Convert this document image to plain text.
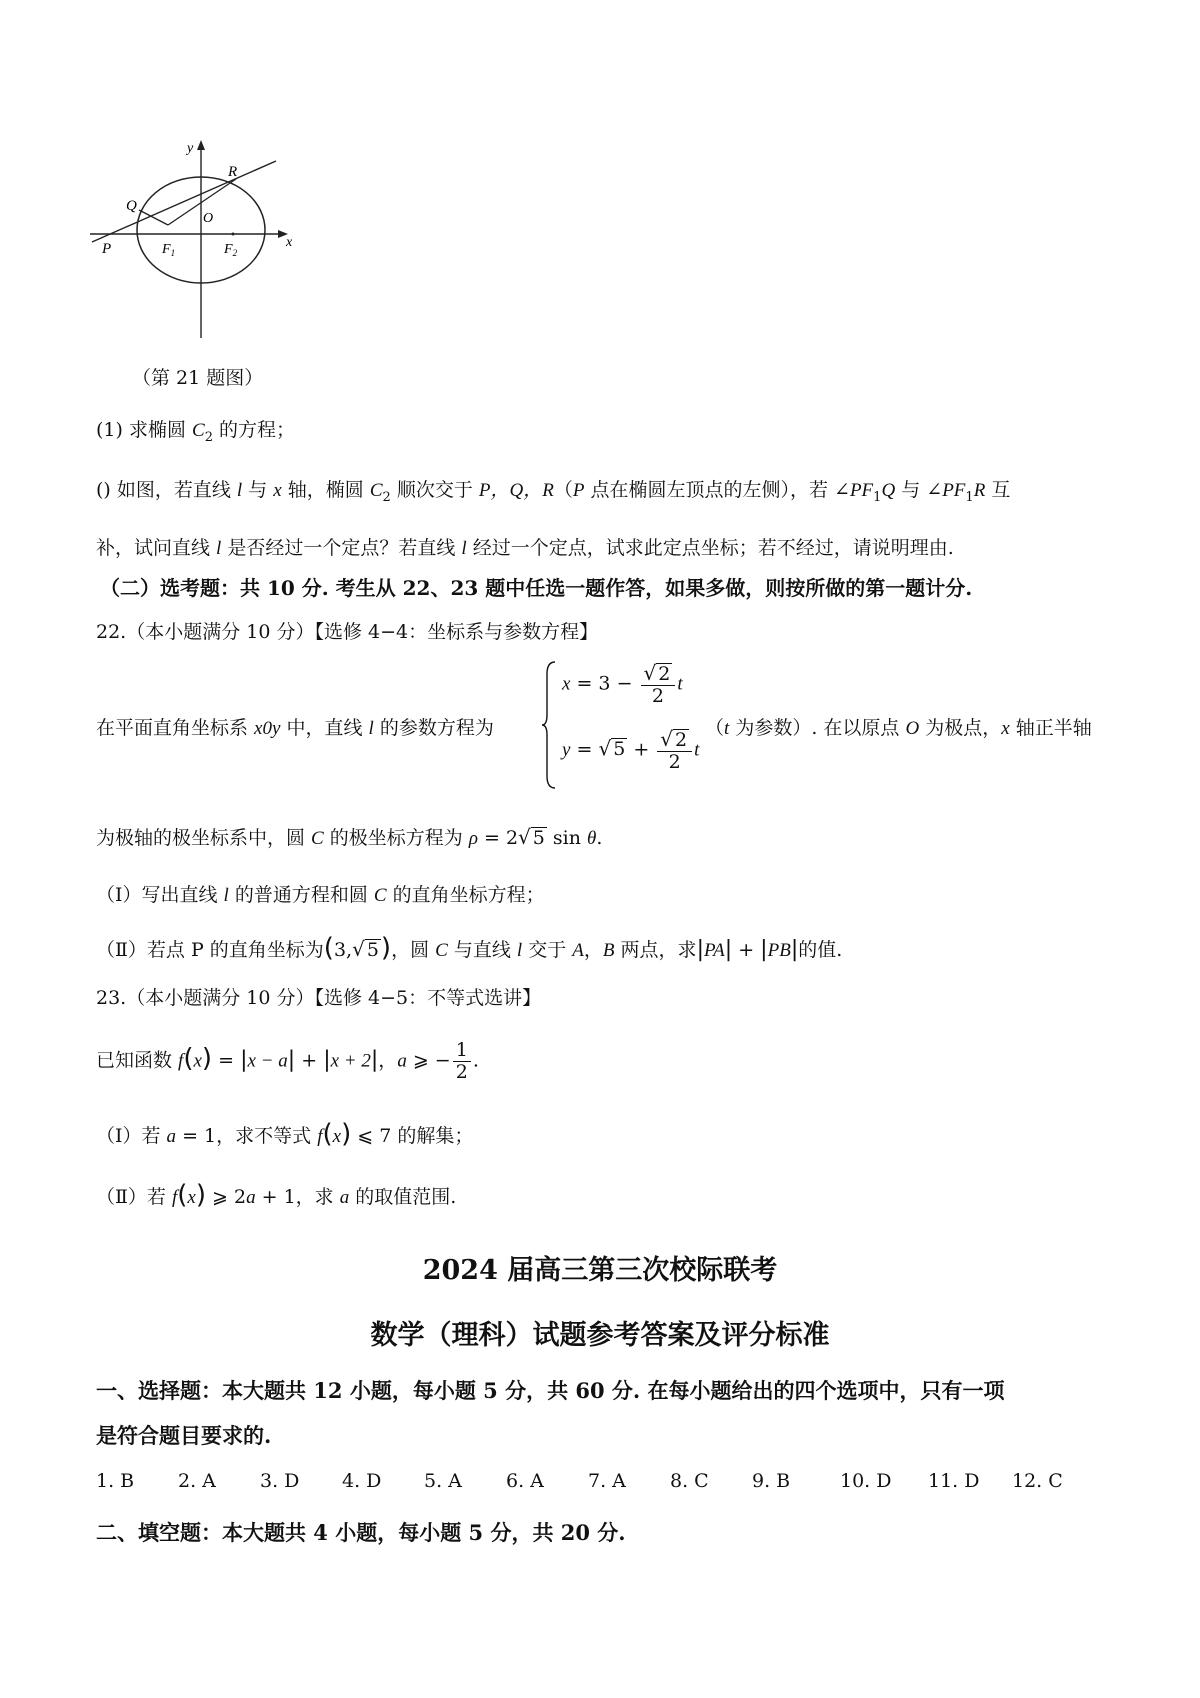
y
R
Q
O
P	$F_1$	$F_2$
x
（第 21 题图）
(1) 求椭圆 $C_2$ 的方程；
() 如图，若直线 l 与 x 轴，椭圆 $C_2$ 顺次交于 P，Q，R（P 点在椭圆左顶点的左侧），若 $\angle PF_1Q$ 与 $\angle PF_1R$ 互
补，试问直线 l 是否经过一个定点？若直线 l 经过一个定点，试求此定点坐标；若不经过，请说明理由.
（二）选考题：共 10 分. 考生从 22、23 题中任选一题作答，如果多做，则按所做的第一题计分.
22.（本小题满分 10 分）【选修 4−4：坐标系与参数方程】
在平面直角坐标系 x0y 中，直线 l 的参数方程为
$x = 3 - \frac{√ 2}{2}$ t
y = √ $5 + \frac{√ 2}{2}$ t
（t 为参数）. 在以原点 O 为极点，x 轴正半轴
为极轴的极坐标系中，圆 C 的极坐标方程为 ρ = 2√ 5 sin θ.
（Ⅰ）写出直线 l 的普通方程和圆 C 的直角坐标方程；
（Ⅱ）若点 P 的直角坐标为(3,√ 5)，圆 C 与直线 l 交于 A，B 两点，求|PA| + |PB|的值.
23.（本小题满分 10 分）【选修 4−5：不等式选讲】
已知函数 f(x) = |x − a| + |x + 2|，a ⩾ − $\frac{1}{2}$ .
（Ⅰ）若 a = 1，求不等式 f(x) ⩽ 7 的解集；
（Ⅱ）若 f(x) ⩾ 2a + 1，求 a 的取值范围.
2024 届高三第三次校际联考
数学（理科）试题参考答案及评分标准
一、选择题：本大题共 12 小题，每小题 5 分，共 60 分. 在每小题给出的四个选项中，只有一项
是符合题目要求的.
1. B 2. A 3. D 4. D 5. A 6. A 7. A 8. C 9. B	10. D 11. D 12. C
二、填空题：本大题共 4 小题，每小题 5 分，共 20 分.
